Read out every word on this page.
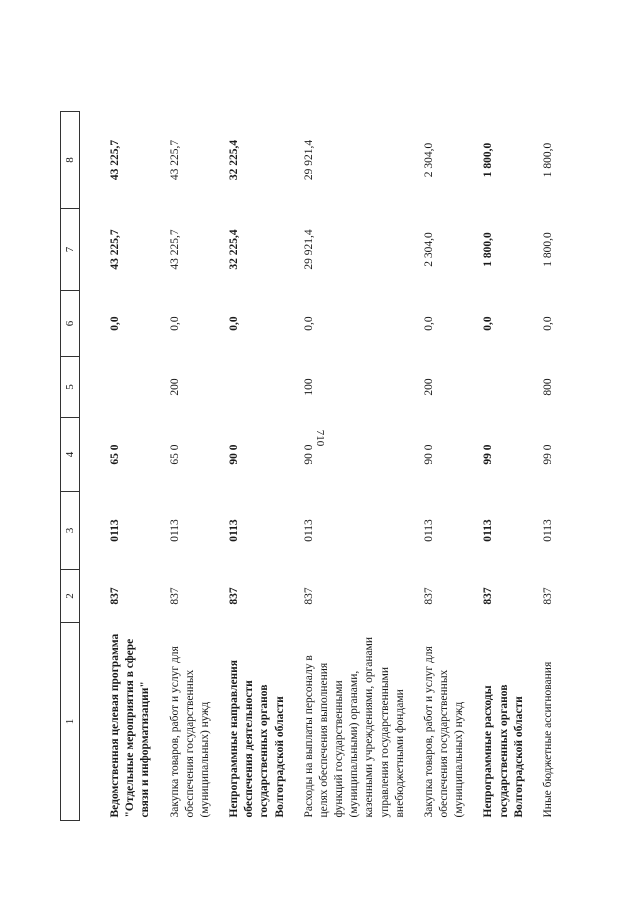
710
1	2	3	4	5	6	7	8

Ведомственная целевая программа "Отдельные мероприятия в сфере связи и информатизации"	837	0113	65 0		0,0	43 225,7	43 225,7
Закупка товаров, работ и услуг для обеспечения государственных (муниципальных) нужд	837	0113	65 0	200	0,0	43 225,7	43 225,7
Непрограммные направления обеспечения деятельности государственных органов Волгоградской области	837	0113	90 0		0,0	32 225,4	32 225,4
Расходы на выплаты персоналу в целях обеспечения выполнения функций государственными (муниципальными) органами, казенными учреждениями, органами управления государственными внебюджетными фондами	837	0113	90 0	100	0,0	29 921,4	29 921,4
Закупка товаров, работ и услуг для обеспечения государственных (муниципальных) нужд	837	0113	90 0	200	0,0	2 304,0	2 304,0
Непрограммные расходы государственных органов Волгоградской области	837	0113	99 0		0,0	1 800,0	1 800,0
Иные бюджетные ассигнования	837	0113	99 0	800	0,0	1 800,0	1 800,0
